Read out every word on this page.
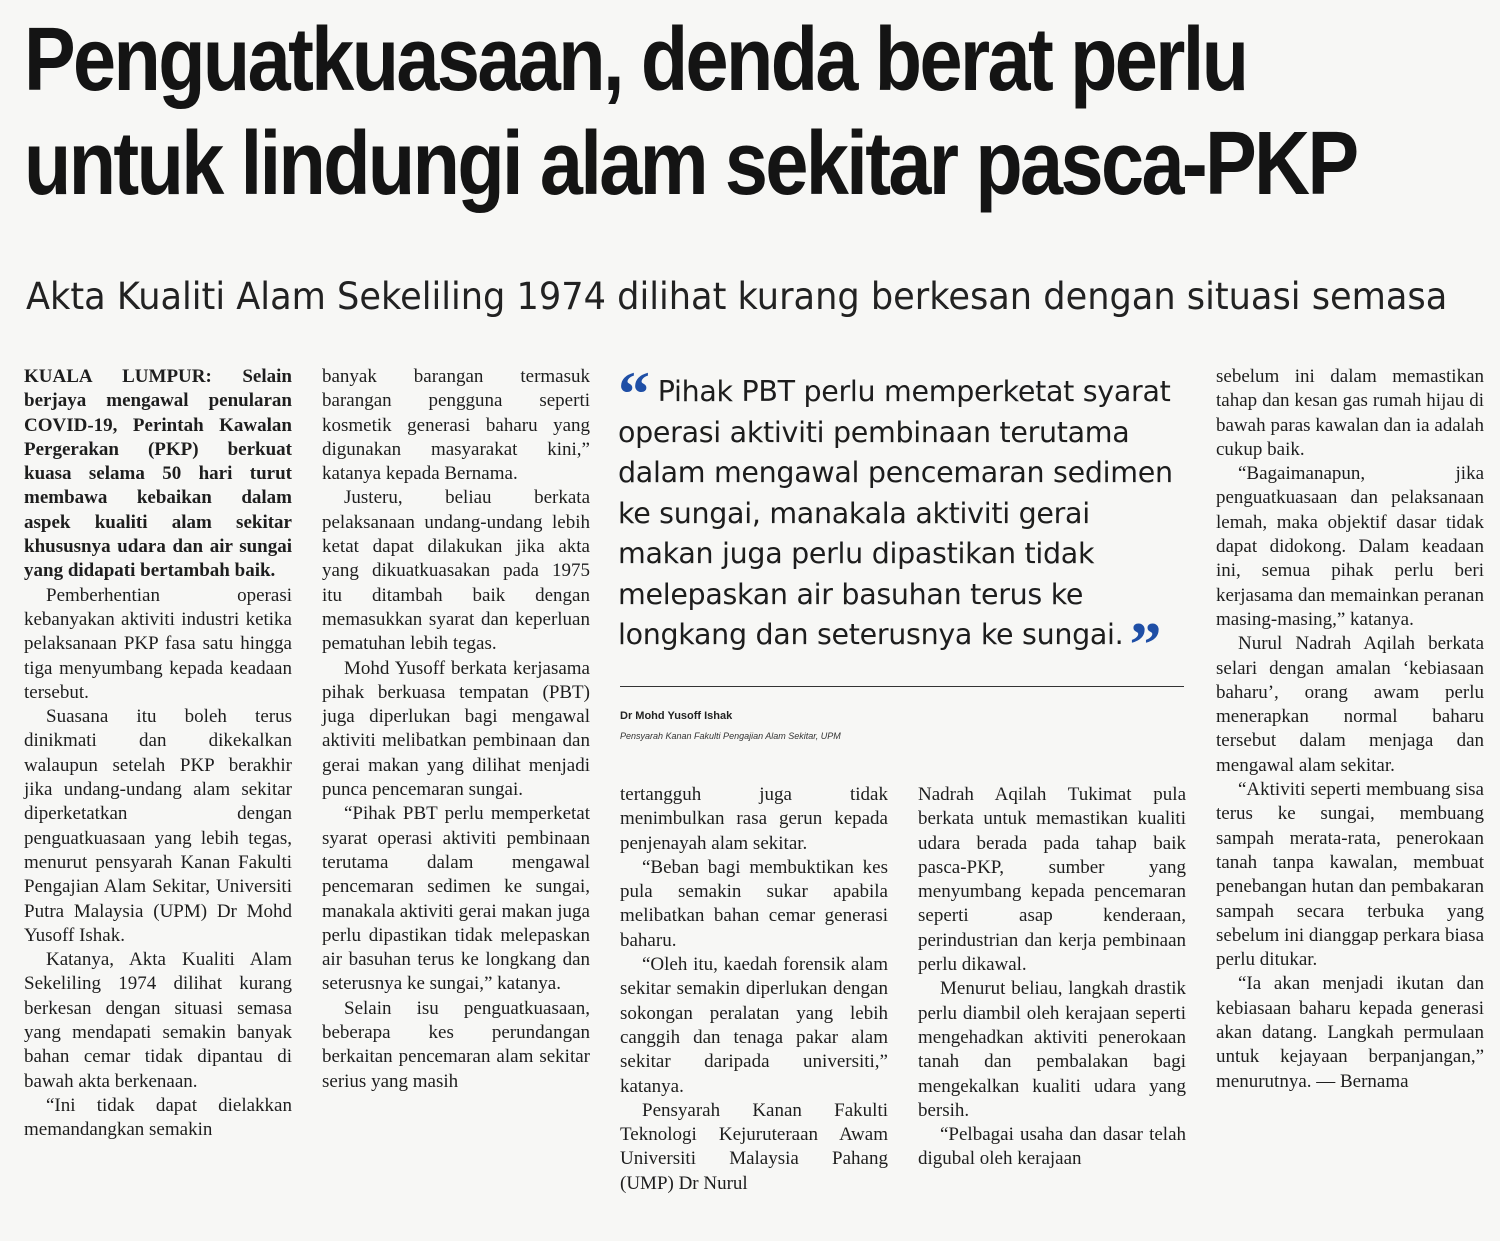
Penguatkuasaan, denda berat perlu
untuk lindungi alam sekitar pasca-PKP
Akta Kualiti Alam Sekeliling 1974 dilihat kurang berkesan dengan situasi semasa

KUALA LUMPUR: Selain berjaya mengawal penularan COVID-19, Perintah Kawalan Pergerakan (PKP) berkuat kuasa selama 50 hari turut membawa kebaikan dalam aspek kualiti alam sekitar khususnya udara dan air sungai yang didapati bertambah baik.

Pemberhentian operasi kebanyakan aktiviti industri ketika pelaksanaan PKP fasa satu hingga tiga menyumbang kepada keadaan tersebut.

Suasana itu boleh terus dinikmati dan dikekalkan walaupun setelah PKP berakhir jika undang-undang alam sekitar diperketatkan dengan penguatkuasaan yang lebih tegas, menurut pensyarah Kanan Fakulti Pengajian Alam Sekitar, Universiti Putra Malaysia (UPM) Dr Mohd Yusoff Ishak.

Katanya, Akta Kualiti Alam Sekeliling 1974 dilihat kurang berkesan dengan situasi semasa yang mendapati semakin banyak bahan cemar tidak dipantau di bawah akta berkenaan.

“Ini tidak dapat dielakkan memandangkan semakin

banyak barangan termasuk barangan pengguna seperti kosmetik generasi baharu yang digunakan masyarakat kini,” katanya kepada Bernama.

Justeru, beliau berkata pelaksanaan undang-undang lebih ketat dapat dilakukan jika akta yang dikuatkuasakan pada 1975 itu ditambah baik dengan memasukkan syarat dan keperluan pematuhan lebih tegas.

Mohd Yusoff berkata kerjasama pihak berkuasa tempatan (PBT) juga diperlukan bagi mengawal aktiviti melibatkan pembinaan dan gerai makan yang dilihat menjadi punca pencemaran sungai.

“Pihak PBT perlu memperketat syarat operasi aktiviti pembinaan terutama dalam mengawal pencemaran sedimen ke sungai, manakala aktiviti gerai makan juga perlu dipastikan tidak melepaskan air basuhan terus ke longkang dan seterusnya ke sungai,” katanya.

Selain isu penguatkuasaan, beberapa kes perundangan berkaitan pencemaran alam sekitar serius yang masih

“ Pihak PBT perlu memperketat syarat operasi aktiviti pembinaan terutama dalam mengawal pencemaran sedimen ke sungai, manakala aktiviti gerai makan juga perlu dipastikan tidak melepaskan air basuhan terus ke longkang dan seterusnya ke sungai.”
Dr Mohd Yusoff Ishak
Pensyarah Kanan Fakulti Pengajian Alam Sekitar, UPM

tertangguh juga tidak menimbulkan rasa gerun kepada penjenayah alam sekitar.

“Beban bagi membuktikan kes pula semakin sukar apabila melibatkan bahan cemar generasi baharu.

“Oleh itu, kaedah forensik alam sekitar semakin diperlukan dengan sokongan peralatan yang lebih canggih dan tenaga pakar alam sekitar daripada universiti,” katanya.

Pensyarah Kanan Fakulti Teknologi Kejuruteraan Awam Universiti Malaysia Pahang (UMP) Dr Nurul

Nadrah Aqilah Tukimat pula berkata untuk memastikan kualiti udara berada pada tahap baik pasca-PKP, sumber yang menyumbang kepada pencemaran seperti asap kenderaan, perindustrian dan kerja pembinaan perlu dikawal.

Menurut beliau, langkah drastik perlu diambil oleh kerajaan seperti mengehadkan aktiviti penerokaan tanah dan pembalakan bagi mengekalkan kualiti udara yang bersih.

“Pelbagai usaha dan dasar telah digubal oleh kerajaan

sebelum ini dalam memastikan tahap dan kesan gas rumah hijau di bawah paras kawalan dan ia adalah cukup baik.

“Bagaimanapun, jika penguatkuasaan dan pelaksanaan lemah, maka objektif dasar tidak dapat didokong. Dalam keadaan ini, semua pihak perlu beri kerjasama dan memainkan peranan masing-masing,” katanya.

Nurul Nadrah Aqilah berkata selari dengan amalan ‘kebiasaan baharu’, orang awam perlu menerapkan normal baharu tersebut dalam menjaga dan mengawal alam sekitar.

“Aktiviti seperti membuang sisa terus ke sungai, membuang sampah merata-rata, penerokaan tanah tanpa kawalan, membuat penebangan hutan dan pembakaran sampah secara terbuka yang sebelum ini dianggap perkara biasa perlu ditukar.

“Ia akan menjadi ikutan dan kebiasaan baharu kepada generasi akan datang. Langkah permulaan untuk kejayaan berpanjangan,” menurutnya. — Bernama
